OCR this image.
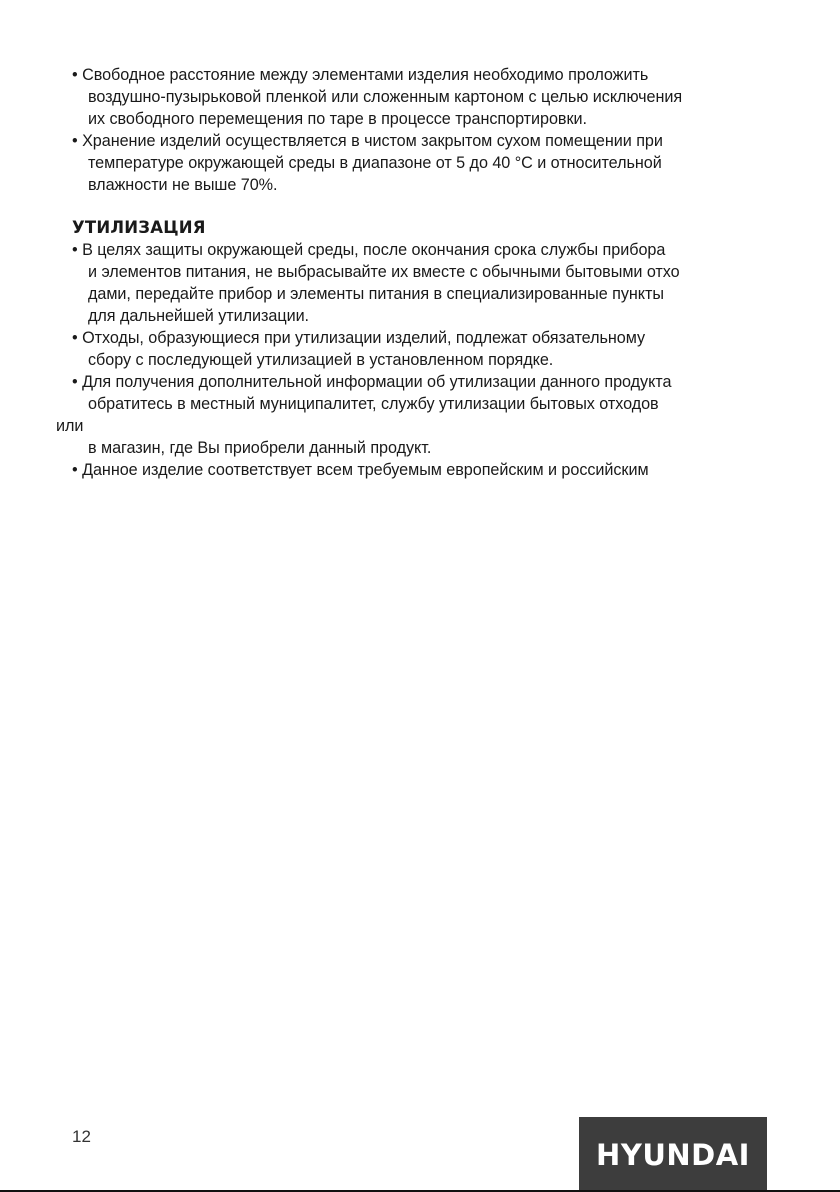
• Свободное расстояние между элементами изделия необходимо проложить
воздушно-пузырьковой пленкой или сложенным картоном с целью исключения
их свободного перемещения по таре в процессе транспортировки.
• Хранение изделий осуществляется в чистом закрытом сухом помещении при
температуре окружающей среды в диапазоне от 5 до 40 °С и относительной
влажности не выше 70%.
УТИЛИЗАЦИЯ
• В целях защиты окружающей среды, после окончания срока службы прибора
и элементов питания, не выбрасывайте их вместе с обычными бытовыми отхо
дами, передайте прибор и элементы питания в специализированные пункты
для дальнейшей утилизации.
• Отходы, образующиеся при утилизации изделий, подлежат обязательному
сбору с последующей утилизацией в установленном порядке.
• Для получения дополнительной информации об утилизации данного продукта
обратитесь в местный муниципалитет, службу утилизации бытовых отходов
или
в магазин, где Вы приобрели данный продукт.
• Данное изделие соответствует всем требуемым европейским и российским
12
HYUNDAI
